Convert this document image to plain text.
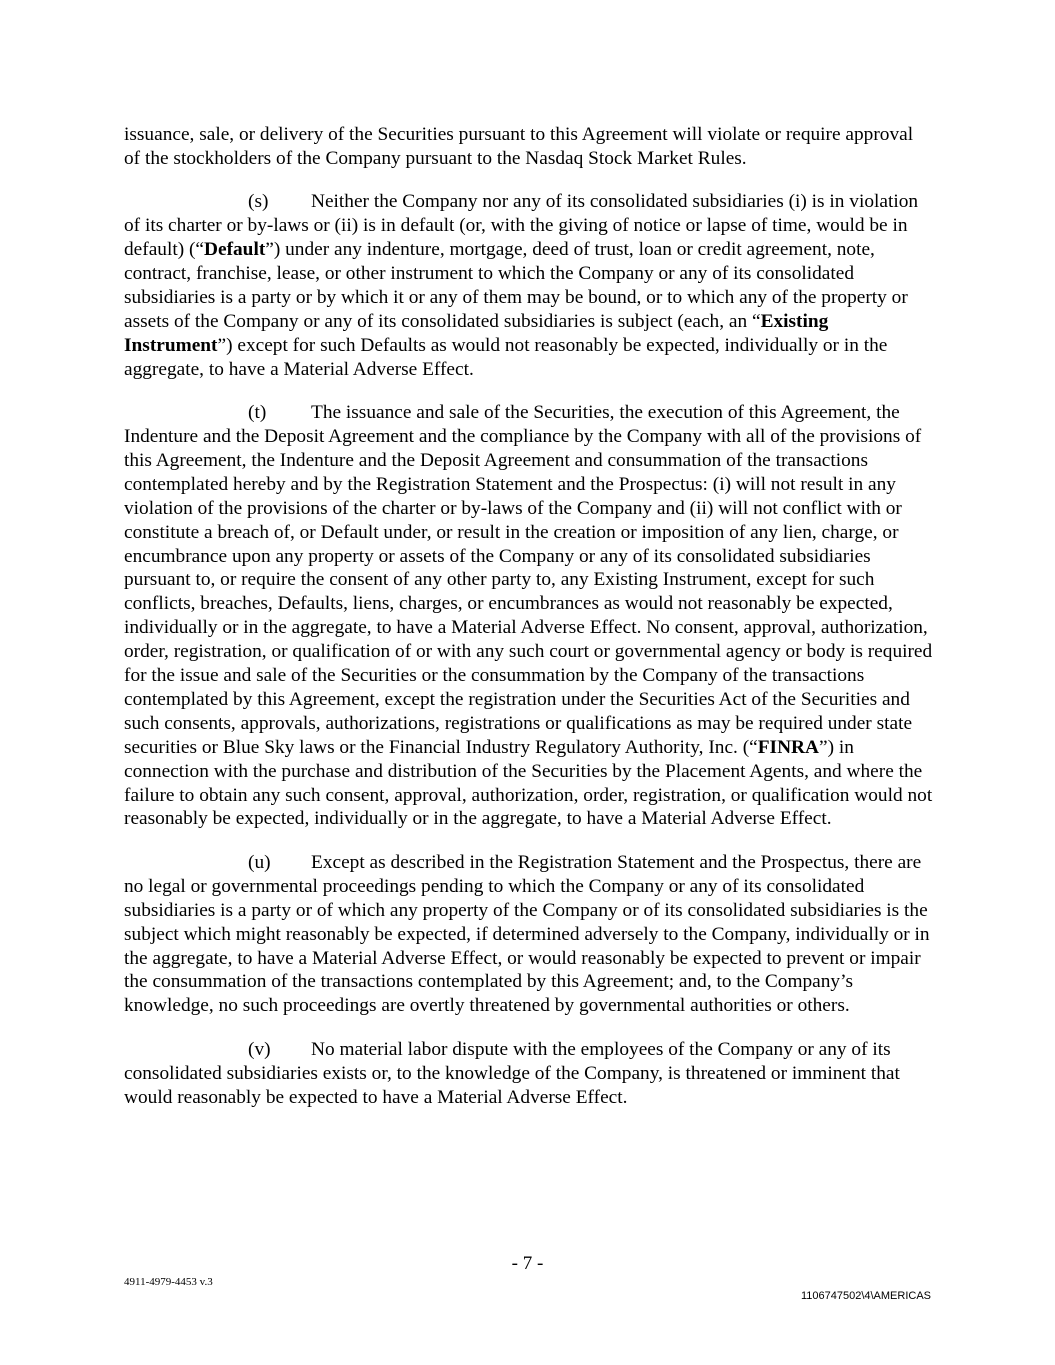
issuance, sale, or delivery of the Securities pursuant to this Agreement will violate or require approval of the stockholders of the Company pursuant to the Nasdaq Stock Market Rules.

(s) Neither the Company nor any of its consolidated subsidiaries (i) is in violation of its charter or by-laws or (ii) is in default (or, with the giving of notice or lapse of time, would be in default) (“Default”) under any indenture, mortgage, deed of trust, loan or credit agreement, note, contract, franchise, lease, or other instrument to which the Company or any of its consolidated subsidiaries is a party or by which it or any of them may be bound, or to which any of the property or assets of the Company or any of its consolidated subsidiaries is subject (each, an “Existing Instrument”) except for such Defaults as would not reasonably be expected, individually or in the aggregate, to have a Material Adverse Effect.

(t) The issuance and sale of the Securities, the execution of this Agreement, the Indenture and the Deposit Agreement and the compliance by the Company with all of the provisions of this Agreement, the Indenture and the Deposit Agreement and consummation of the transactions contemplated hereby and by the Registration Statement and the Prospectus: (i) will not result in any violation of the provisions of the charter or by-laws of the Company and (ii) will not conflict with or constitute a breach of, or Default under, or result in the creation or imposition of any lien, charge, or encumbrance upon any property or assets of the Company or any of its consolidated subsidiaries pursuant to, or require the consent of any other party to, any Existing Instrument, except for such conflicts, breaches, Defaults, liens, charges, or encumbrances as would not reasonably be expected, individually or in the aggregate, to have a Material Adverse Effect. No consent, approval, authorization, order, registration, or qualification of or with any such court or governmental agency or body is required for the issue and sale of the Securities or the consummation by the Company of the transactions contemplated by this Agreement, except the registration under the Securities Act of the Securities and such consents, approvals, authorizations, registrations or qualifications as may be required under state securities or Blue Sky laws or the Financial Industry Regulatory Authority, Inc. (“FINRA”) in connection with the purchase and distribution of the Securities by the Placement Agents, and where the failure to obtain any such consent, approval, authorization, order, registration, or qualification would not reasonably be expected, individually or in the aggregate, to have a Material Adverse Effect.

(u) Except as described in the Registration Statement and the Prospectus, there are no legal or governmental proceedings pending to which the Company or any of its consolidated subsidiaries is a party or of which any property of the Company or of its consolidated subsidiaries is the subject which might reasonably be expected, if determined adversely to the Company, individually or in the aggregate, to have a Material Adverse Effect, or would reasonably be expected to prevent or impair the consummation of the transactions contemplated by this Agreement; and, to the Company’s knowledge, no such proceedings are overtly threatened by governmental authorities or others.

(v) No material labor dispute with the employees of the Company or any of its consolidated subsidiaries exists or, to the knowledge of the Company, is threatened or imminent that would reasonably be expected to have a Material Adverse Effect.

- 7 -
4911-4979-4453 v.3
1106747502\4\AMERICAS
